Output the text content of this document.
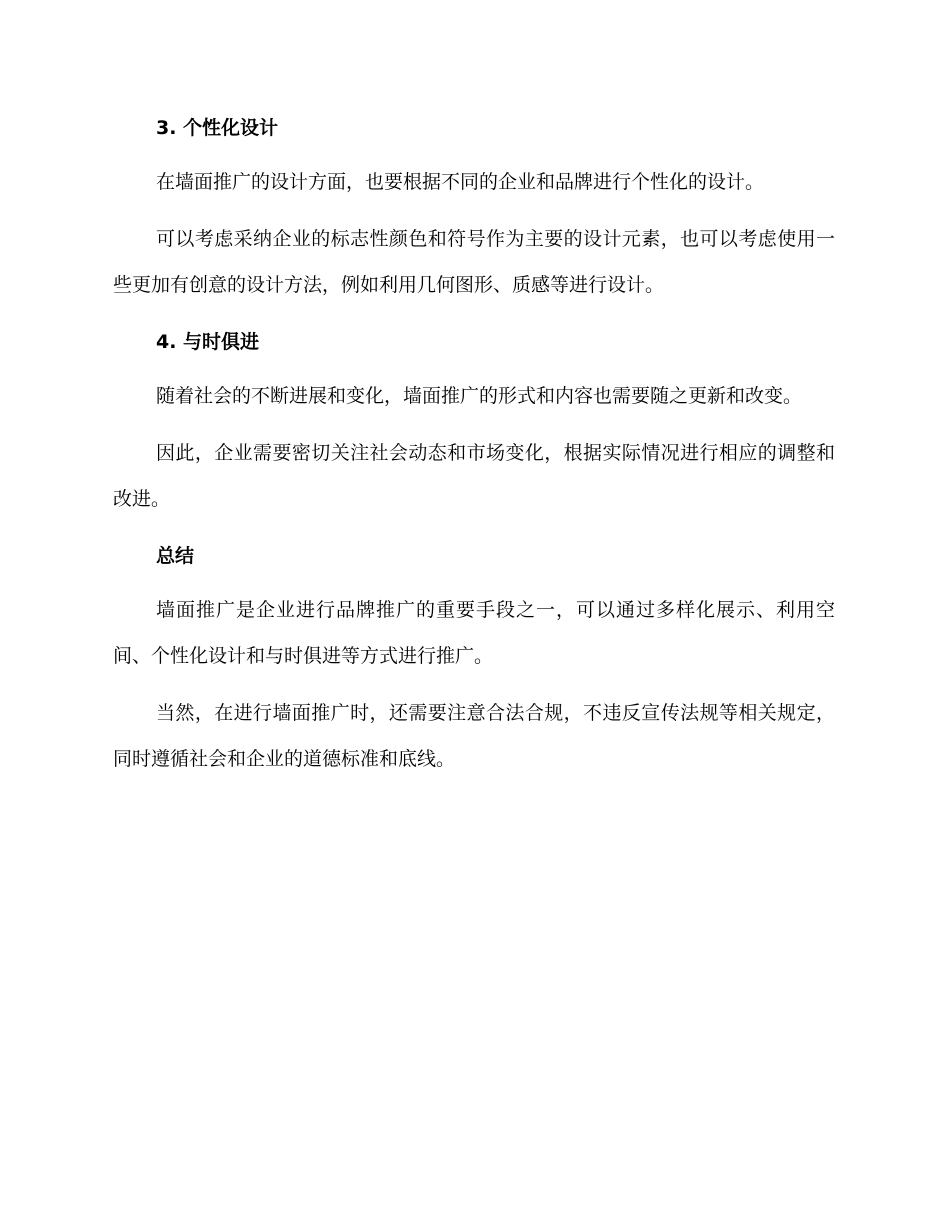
3. 个性化设计

在墙面推广的设计方面，也要根据不同的企业和品牌进行个性化的设计。

可以考虑采纳企业的标志性颜色和符号作为主要的设计元素，也可以考虑使用一些更加有创意的设计方法，例如利用几何图形、质感等进行设计。

4. 与时俱进

随着社会的不断进展和变化，墙面推广的形式和内容也需要随之更新和改变。

因此，企业需要密切关注社会动态和市场变化，根据实际情况进行相应的调整和改进。

总结

墙面推广是企业进行品牌推广的重要手段之一，可以通过多样化展示、利用空间、个性化设计和与时俱进等方式进行推广。

当然，在进行墙面推广时，还需要注意合法合规，不违反宣传法规等相关规定，同时遵循社会和企业的道德标准和底线。
